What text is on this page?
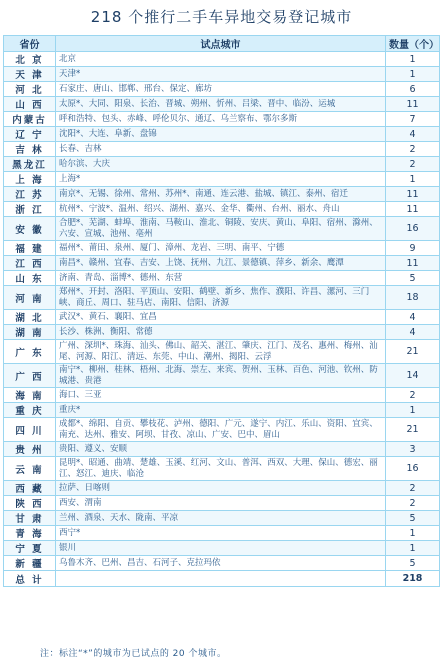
218 个推行二手车异地交易登记城市
省份	试点城市	数量（个）
北 京	北京	1
天 津	天津*	1
河 北	石家庄、唐山、邯郸、邢台、保定、廊坊	6
山 西	太原*、大同、阳泉、长治、晋城、朔州、忻州、吕梁、晋中、临汾、运城	11
内蒙古	呼和浩特、包头、赤峰、呼伦贝尔、通辽、乌兰察布、鄂尔多斯	7
辽 宁	沈阳*、大连、阜新、盘锦	4
吉 林	长春、吉林	2
黑龙江	哈尔滨、大庆	2
上 海	上海*	1
江 苏	南京*、无锡、徐州、常州、苏州*、南通、连云港、盐城、镇江、泰州、宿迁	11
浙 江	杭州*、宁波*、温州、绍兴、湖州、嘉兴、金华、衢州、台州、丽水、舟山	11
安 徽	合肥*、芜湖、蚌埠、淮南、马鞍山、淮北、铜陵、安庆、黄山、阜阳、宿州、滁州、六安、宣城、池州、亳州	16
福 建	福州*、莆田、泉州、厦门、漳州、龙岩、三明、南平、宁德	9
江 西	南昌*、赣州、宜春、吉安、上饶、抚州、九江、景德镇、萍乡、新余、鹰潭	11
山 东	济南、青岛、淄博*、德州、东营	5
河 南	郑州*、开封、洛阳、平顶山、安阳、鹤壁、新乡、焦作、濮阳、许昌、漯河、三门峡、商丘、周口、驻马店、南阳、信阳、济源	18
湖 北	武汉*、黄石、襄阳、宜昌	4
湖 南	长沙、株洲、衡阳、常德	4
广 东	广州、深圳*、珠海、汕头、佛山、韶关、湛江、肇庆、江门、茂名、惠州、梅州、汕尾、河源、阳江、清远、东莞、中山、潮州、揭阳、云浮	21
广 西	南宁*、柳州、桂林、梧州、北海、崇左、来宾、贺州、玉林、百色、河池、钦州、防城港、贵港	14
海 南	海口、三亚	2
重 庆	重庆*	1
四 川	成都*、绵阳、自贡、攀枝花、泸州、德阳、广元、遂宁、内江、乐山、资阳、宜宾、南充、达州、雅安、阿坝、甘孜、凉山、广安、巴中、眉山	21
贵 州	贵阳、遵义、安顺	3
云 南	昆明*、昭通、曲靖、楚雄、玉溪、红河、文山、普洱、西双、大理、保山、德宏、丽江、怒江、迪庆、临沧	16
西 藏	拉萨、日喀则	2
陕 西	西安、渭南	2
甘 肃	兰州、酒泉、天水、陇南、平凉	5
青 海	西宁*	1
宁 夏	银川	1
新 疆	乌鲁木齐、巴州、昌吉、石河子、克拉玛依	5
总 计		218
注：标注“*”的城市为已试点的 20 个城市。
